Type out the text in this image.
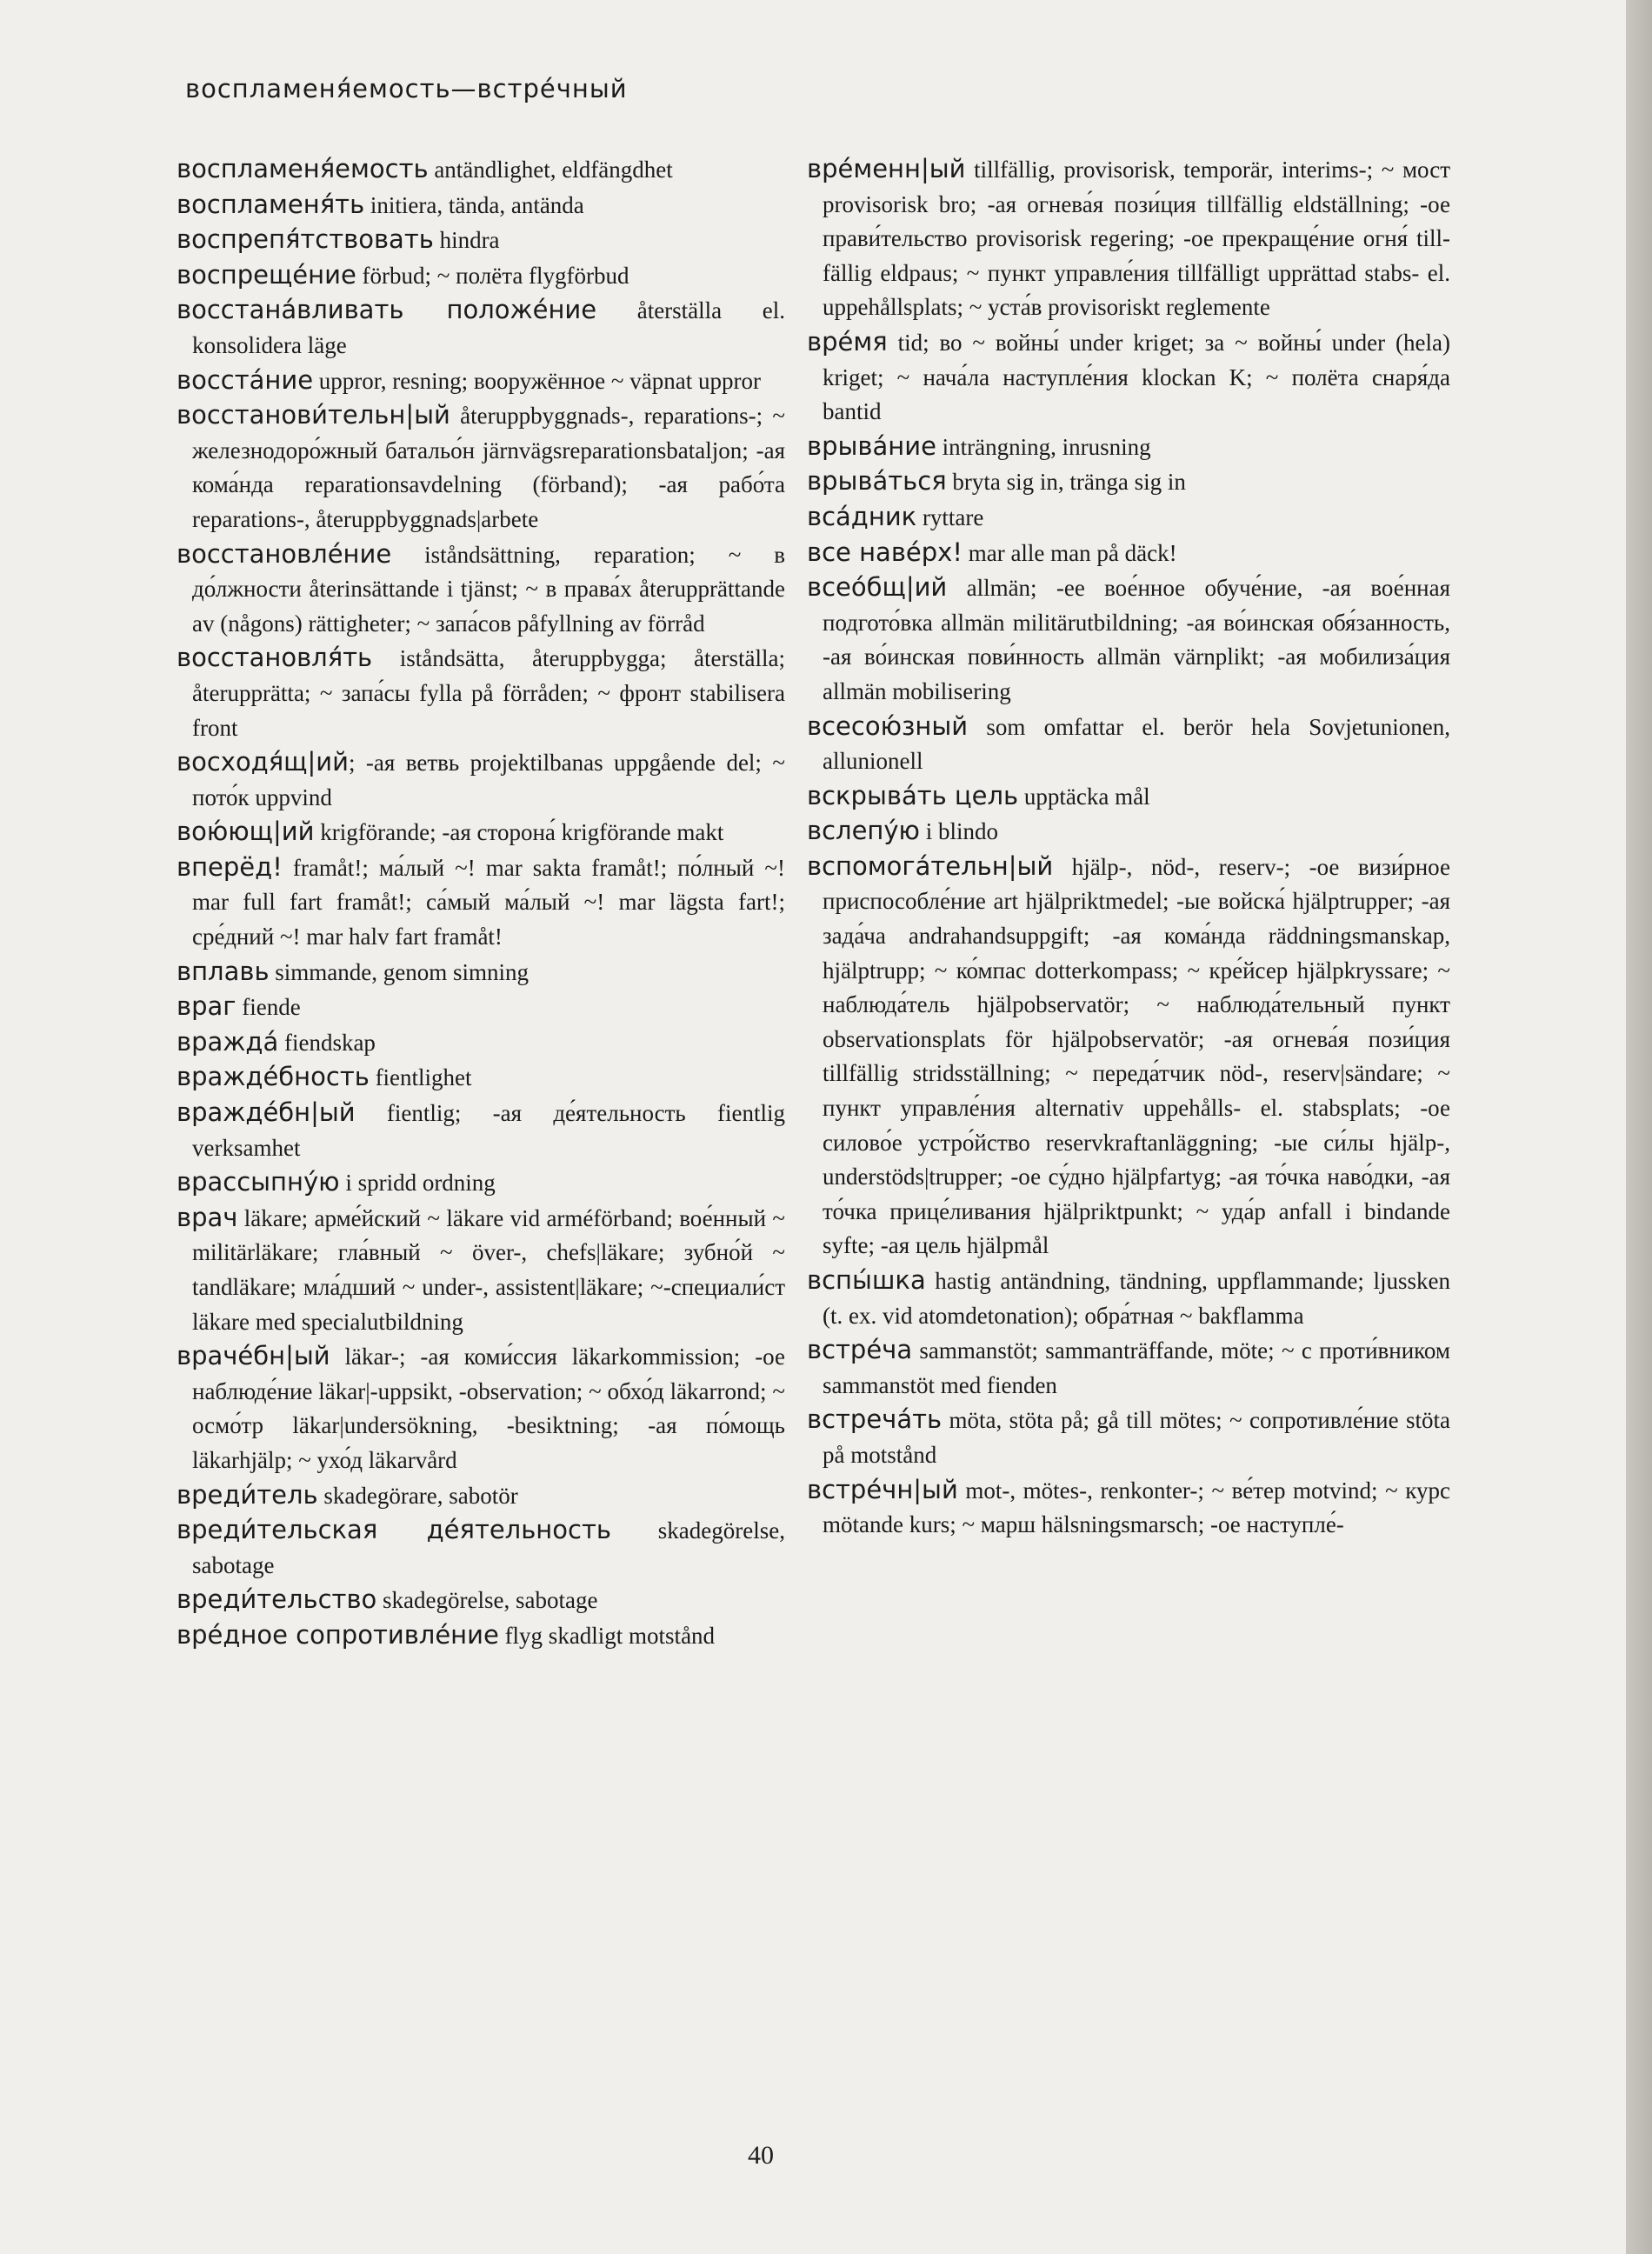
воспламеня́емость—встре́чный
воспламеня́емость antändlighet, eldfängdhet
воспламеня́ть initiera, tända, antända
воспрепя́тствовать hindra
воспреще́ние förbud; ~ полёта flygförbud
восстана́вливать положе́ние återställa el. konsolidera läge
восста́ние uppror, resning; вооружённое ~ väpnat uppror
восстанови́тельн|ый återuppbyggnads-, reparations-; ~ железнодоро́жный батальо́н järnvägsreparationsbataljon; -ая кома́нда reparationsavdelning (förband); -ая рабо́та reparations-, återuppbyggnads|arbete
восстановле́ние iståndsättning, reparation; ~ в до́лжности återinsättande i tjänst; ~ в права́х återupprättande av (någons) rättigheter; ~ запа́сов påfyllning av förråd
восстановля́ть iståndsätta, återuppbygga; återställa; återupprätta; ~ запа́сы fylla på förråden; ~ фронт stabilisera front
восходя́щ|ий; -ая ветвь projektilbanas uppgående del; ~ пото́к uppvind
вою́ющ|ий krigförande; -ая сторона́ krigförande makt
вперёд! framåt!; ма́лый ~! mar sakta framåt!; по́лный ~! mar full fart framåt!; са́мый ма́лый ~! mar lägsta fart!; сре́дний ~! mar halv fart framåt!
вплавь simmande, genom simning
враг fiende
вражда́ fiendskap
вражде́бность fientlighet
вражде́бн|ый fientlig; -ая де́ятельность fientlig verksamhet
врассыпну́ю i spridd ordning
врач läkare; арме́йский ~ läkare vid arméförband; вое́нный ~ militärläkare; гла́вный ~ över-, chefs|läkare; зубно́й ~ tandläkare; мла́дший ~ under-, assistent|läkare; ~-специали́ст läkare med specialutbildning
враче́бн|ый läkar-; -ая коми́ссия läkarkommission; -ое наблюде́ние läkar|-uppsikt, -observation; ~ обхо́д läkarrond; ~ осмо́тр läkar|undersökning, -besiktning; -ая по́мощь läkarhjälp; ~ ухо́д läkarvård
вреди́тель skadegörare, sabotör
вреди́тельская де́ятельность skadegörelse, sabotage
вреди́тельство skadegörelse, sabotage
вре́дное сопротивле́ние flyg skadligt motstånd
вре́менн|ый tillfällig, provisorisk, temporär, interims-; ~ мост provisorisk bro; -ая огнева́я пози́ция tillfällig eldställning; -ое прави́тельство provisorisk regering; -ое прекраще́ние огня́ tillfällig eldpaus; ~ пункт управле́ния tillfälligt upprättad stabs- el. uppehållsplats; ~ уста́в provisoriskt reglemente
вре́мя tid; во ~ войны́ under kriget; за ~ войны́ under (hela) kriget; ~ нача́ла наступле́ния klockan K; ~ полёта снаря́да bantid
врыва́ние inträngning, inrusning
врыва́ться bryta sig in, tränga sig in
вса́дник ryttare
все навéрх! mar alle man på däck!
всеóбщ|ий allmän; -ее вое́нное обуче́ние, -ая вое́нная подгото́вка allmän militärutbildning; -ая во́инская обя́занность, -ая во́инская пови́нность allmän värnplikt; -ая мобилиза́ция allmän mobilisering
всесою́зный som omfattar el. berör hela Sovjetunionen, allunionell
вскрыва́ть цель upptäcka mål
вслепу́ю i blindo
вспомога́тельн|ый hjälp-, nöd-, reserv-; -ое визи́рное приспособле́ние art hjälpriktmedel; -ые войска́ hjälptrupper; -ая зада́ча andrahandsuppgift; -ая кома́нда räddningsmanskap, hjälptrupp; ~ ко́мпас dotterkompass; ~ кре́йсер hjälpkryssare; ~ наблюда́тель hjälpobservatör; ~ наблюда́тельный пункт observationsplats för hjälpobservatör; -ая огнева́я пози́ция tillfällig stridsställning; ~ переда́тчик nöd-, reserv|sändare; ~ пункт управле́ния alternativ uppehålls- el. stabsplats; -ое силово́е устро́йство reservkraftanläggning; -ые си́лы hjälp-, understöds|trupper; -ое су́дно hjälpfartyg; -ая то́чка наво́дки, -ая то́чка прице́ливания hjälpriktpunkt; ~ уда́р anfall i bindande syfte; -ая цель hjälpmål
вспы́шка hastig antändning, tändning, uppflammande; ljussken (t. ex. vid atomdetonation); обра́тная ~ bakflamma
встре́ча sammanstöt; sammanträffande, möte; ~ с проти́вником sammanstöt med fienden
встреча́ть möta, stöta på; gå till mötes; ~ сопротивле́ние stöta på motstånd
встре́чн|ый mot-, mötes-, renkonter-; ~ ве́тер motvind; ~ курс mötande kurs; ~ марш hälsningsmarsch; -ое наступле́-
40
